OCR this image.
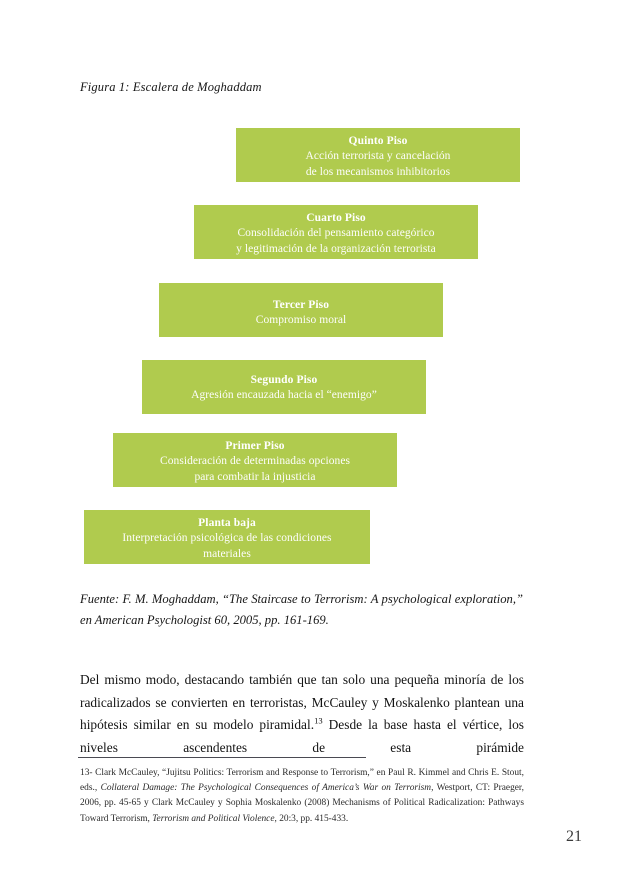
Figura 1: Escalera de Moghaddam
Quinto Piso
Acción terrorista y cancelación
de los mecanismos inhibitorios
Cuarto Piso
Consolidación del pensamiento categórico
y legitimación de la organización terrorista
Tercer Piso
Compromiso moral
Segundo Piso
Agresión encauzada hacia el “enemigo”
Primer Piso
Consideración de determinadas opciones
para combatir la injusticia
Planta baja
Interpretación psicológica de las condiciones
materiales
Fuente: F. M. Moghaddam, “The Staircase to Terrorism: A psychological exploration,” en American Psychologist 60, 2005, pp. 161-169.
Del mismo modo, destacando también que tan solo una pequeña minoría de los radicalizados se convierten en terroristas, McCauley y Moskalenko plantean una hipótesis similar en su modelo piramidal.$^{13}$ Desde la base hasta el vértice, los niveles ascendentes de esta pirámide
13- Clark McCauley, “Jujitsu Politics: Terrorism and Response to Terrorism,” en Paul R. Kimmel and Chris E. Stout, eds., Collateral Damage: The Psychological Consequences of America’s War on Terrorism, Westport, CT: Praeger, 2006, pp. 45-65 y Clark McCauley y Sophia Moskalenko (2008) Mechanisms of Political Radicalization: Pathways Toward Terrorism, Terrorism and Political Violence, 20:3, pp. 415-433.
21
